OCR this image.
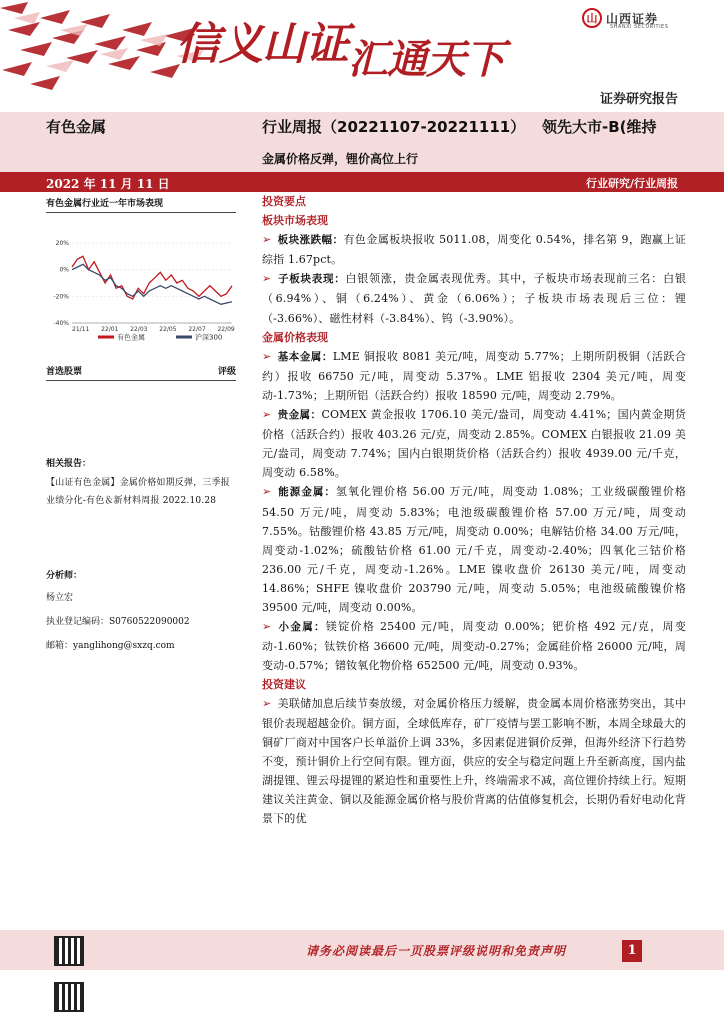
信义山证汇通天下
山 山西证券
SHANXI SECURITIES
证券研究报告
有色金属	行业周报（20221107-20221111） 领先大市-B(维持
金属价格反弹，锂价高位上行
2022 年 11 月 11 日	行业研究/行业周报
有色金属行业近一年市场表现
20%
0%
-20%
-40%
21/11 22/01 22/03 22/05 22/07 22/09
有色金属	沪深300
首选股票	评级
相关报告：
【山证有色金属】金属价格如期反弹，三季报业绩分化-有色＆新材料周报 2022.10.28
分析师：
杨立宏
执业登记编码：S0760522090002
邮箱：yanglihong@sxzq.com
投资要点
板块市场表现

➢ 板块涨跌幅：有色金属板块报收 5011.08，周变化 0.54%，排名第 9，跑赢上证综指 1.67pct。

➢ 子板块表现：白银领涨，贵金属表现优秀。其中，子板块市场表现前三名：白银（6.94%）、铜（6.24%）、黄金（6.06%）；子板块市场表现后三位：锂（-3.66%）、磁性材料（-3.84%）、钨（-3.90%）。

金属价格表现

➢ 基本金属：LME 铜报收 8081 美元/吨，周变动 5.77%；上期所阴极铜（活跃合约）报收 66750 元/吨，周变动 5.37%。LME 铝报收 2304 美元/吨，周变动-1.73%；上期所铝（活跃合约）报收 18590 元/吨，周变动 2.79%。

➢ 贵金属：COMEX 黄金报收 1706.10 美元/盎司，周变动 4.41%；国内黄金期货价格（活跃合约）报收 403.26 元/克，周变动 2.85%。COMEX 白银报收 21.09 美元/盎司，周变动 7.74%；国内白银期货价格（活跃合约）报收 4939.00 元/千克，周变动 6.58%。

➢ 能源金属：氢氧化锂价格 56.00 万元/吨，周变动 1.08%；工业级碳酸锂价格 54.50 万元/吨，周变动 5.83%；电池级碳酸锂价格 57.00 万元/吨，周变动 7.55%。钴酸锂价格 43.85 万元/吨，周变动 0.00%；电解钴价格 34.00 万元/吨，周变动-1.02%；硫酸钴价格 61.00 元/千克，周变动-2.40%；四氧化三钴价格 236.00 元/千克，周变动-1.26%。LME 镍收盘价 26130 美元/吨，周变动 14.86%；SHFE 镍收盘价 203790 元/吨，周变动 5.05%；电池级硫酸镍价格 39500 元/吨，周变动 0.00%。

➢ 小金属：镁锭价格 25400 元/吨，周变动 0.00%；钯价格 492 元/克，周变动-1.60%；钛铁价格 36600 元/吨，周变动-0.27%；金属硅价格 26000 元/吨，周变动-0.57%；镨钕氧化物价格 652500 元/吨，周变动 0.93%。

投资建议

➢ 美联储加息后续节奏放缓，对金属价格压力缓解，贵金属本周价格涨势突出，其中银价表现超越金价。铜方面，全球低库存，矿厂疫情与罢工影响不断，本周全球最大的铜矿厂商对中国客户长单溢价上调 33%，多因素促进铜价反弹，但海外经济下行趋势不变，预计铜价上行空间有限。锂方面，供应的安全与稳定问题上升至新高度，国内盐湖提锂、锂云母提锂的紧迫性和重要性上升，终端需求不减，高位锂价持续上行。短期建议关注黄金、铜以及能源金属价格与股价背离的估值修复机会，长期仍看好电动化背景下的优

请务必阅读最后一页股票评级说明和免责声明	1
